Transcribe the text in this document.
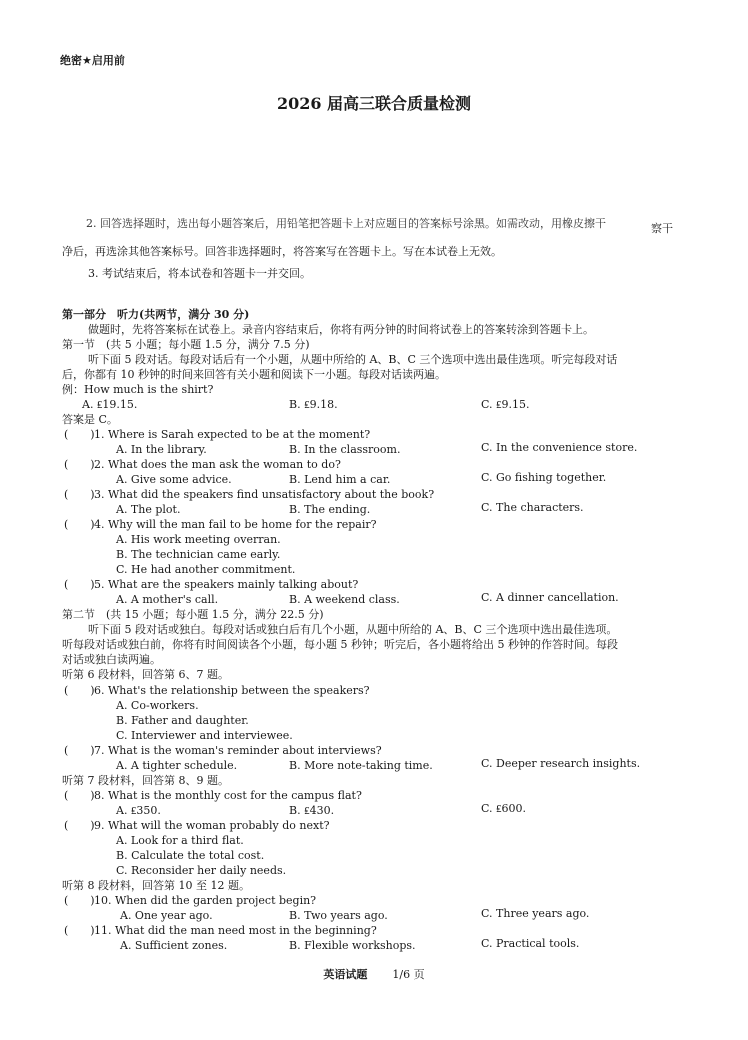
绝密★启用前
2026 届高三联合质量检测
2. 回答选择题时，选出每小题答案后，用铅笔把答题卡上对应题目的答案标号涂黑。如需改动，用橡皮擦干	察干
净后，再选涂其他答案标号。回答非选择题时，将答案写在答题卡上。写在本试卷上无效。
3. 考试结束后，将本试卷和答题卡一并交回。
第一部分　听力(共两节，满分 30 分)
做题时，先将答案标在试卷上。录音内容结束后，你将有两分钟的时间将试卷上的答案转涂到答题卡上。
第一节　(共 5 小题；每小题 1.5 分，满分 7.5 分)
听下面 5 段对话。每段对话后有一个小题，从题中所给的 A、B、C 三个选项中选出最佳选项。听完每段对话
后，你都有 10 秒钟的时间来回答有关小题和阅读下一小题。每段对话读两遍。
例：How much is the shirt?
A. ₤19.15.	B. ₤9.18.	C. ₤9.15.
答案是 C。
(　　) 1. Where is Sarah expected to be at the moment?
A. In the library.	B. In the classroom.	C. In the convenience store.
(　　) 2. What does the man ask the woman to do?
A. Give some advice.	B. Lend him a car.	C. Go fishing together.
(　　) 3. What did the speakers find unsatisfactory about the book?
A. The plot.	B. The ending.	C. The characters.
(　　) 4. Why will the man fail to be home for the repair?
A. His work meeting overran.
B. The technician came early.
C. He had another commitment.
(　　) 5. What are the speakers mainly talking about?
A. A mother's call.	B. A weekend class.	C. A dinner cancellation.
第二节　(共 15 小题；每小题 1.5 分，满分 22.5 分)
听下面 5 段对话或独白。每段对话或独白后有几个小题，从题中所给的 A、B、C 三个选项中选出最佳选项。
听每段对话或独白前，你将有时间阅读各个小题，每小题 5 秒钟；听完后，各小题将给出 5 秒钟的作答时间。每段
对话或独白读两遍。
听第 6 段材料，回答第 6、7 题。
(　　) 6. What's the relationship between the speakers?
A. Co-workers.
B. Father and daughter.
C. Interviewer and interviewee.
(　　) 7. What is the woman's reminder about interviews?
A. A tighter schedule.	B. More note-taking time.	C. Deeper research insights.
听第 7 段材料，回答第 8、9 题。
(　　) 8. What is the monthly cost for the campus flat?
A. ₤350.	B. ₤430.	C. ₤600.
(　　) 9. What will the woman probably do next?
A. Look for a third flat.
B. Calculate the total cost.
C. Reconsider her daily needs.
听第 8 段材料，回答第 10 至 12 题。
(　　) 10. When did the garden project begin?
A. One year ago.	B. Two years ago.	C. Three years ago.
(　　) 11. What did the man need most in the beginning?
A. Sufficient zones.	B. Flexible workshops.	C. Practical tools.
英语试题 1/6 页
